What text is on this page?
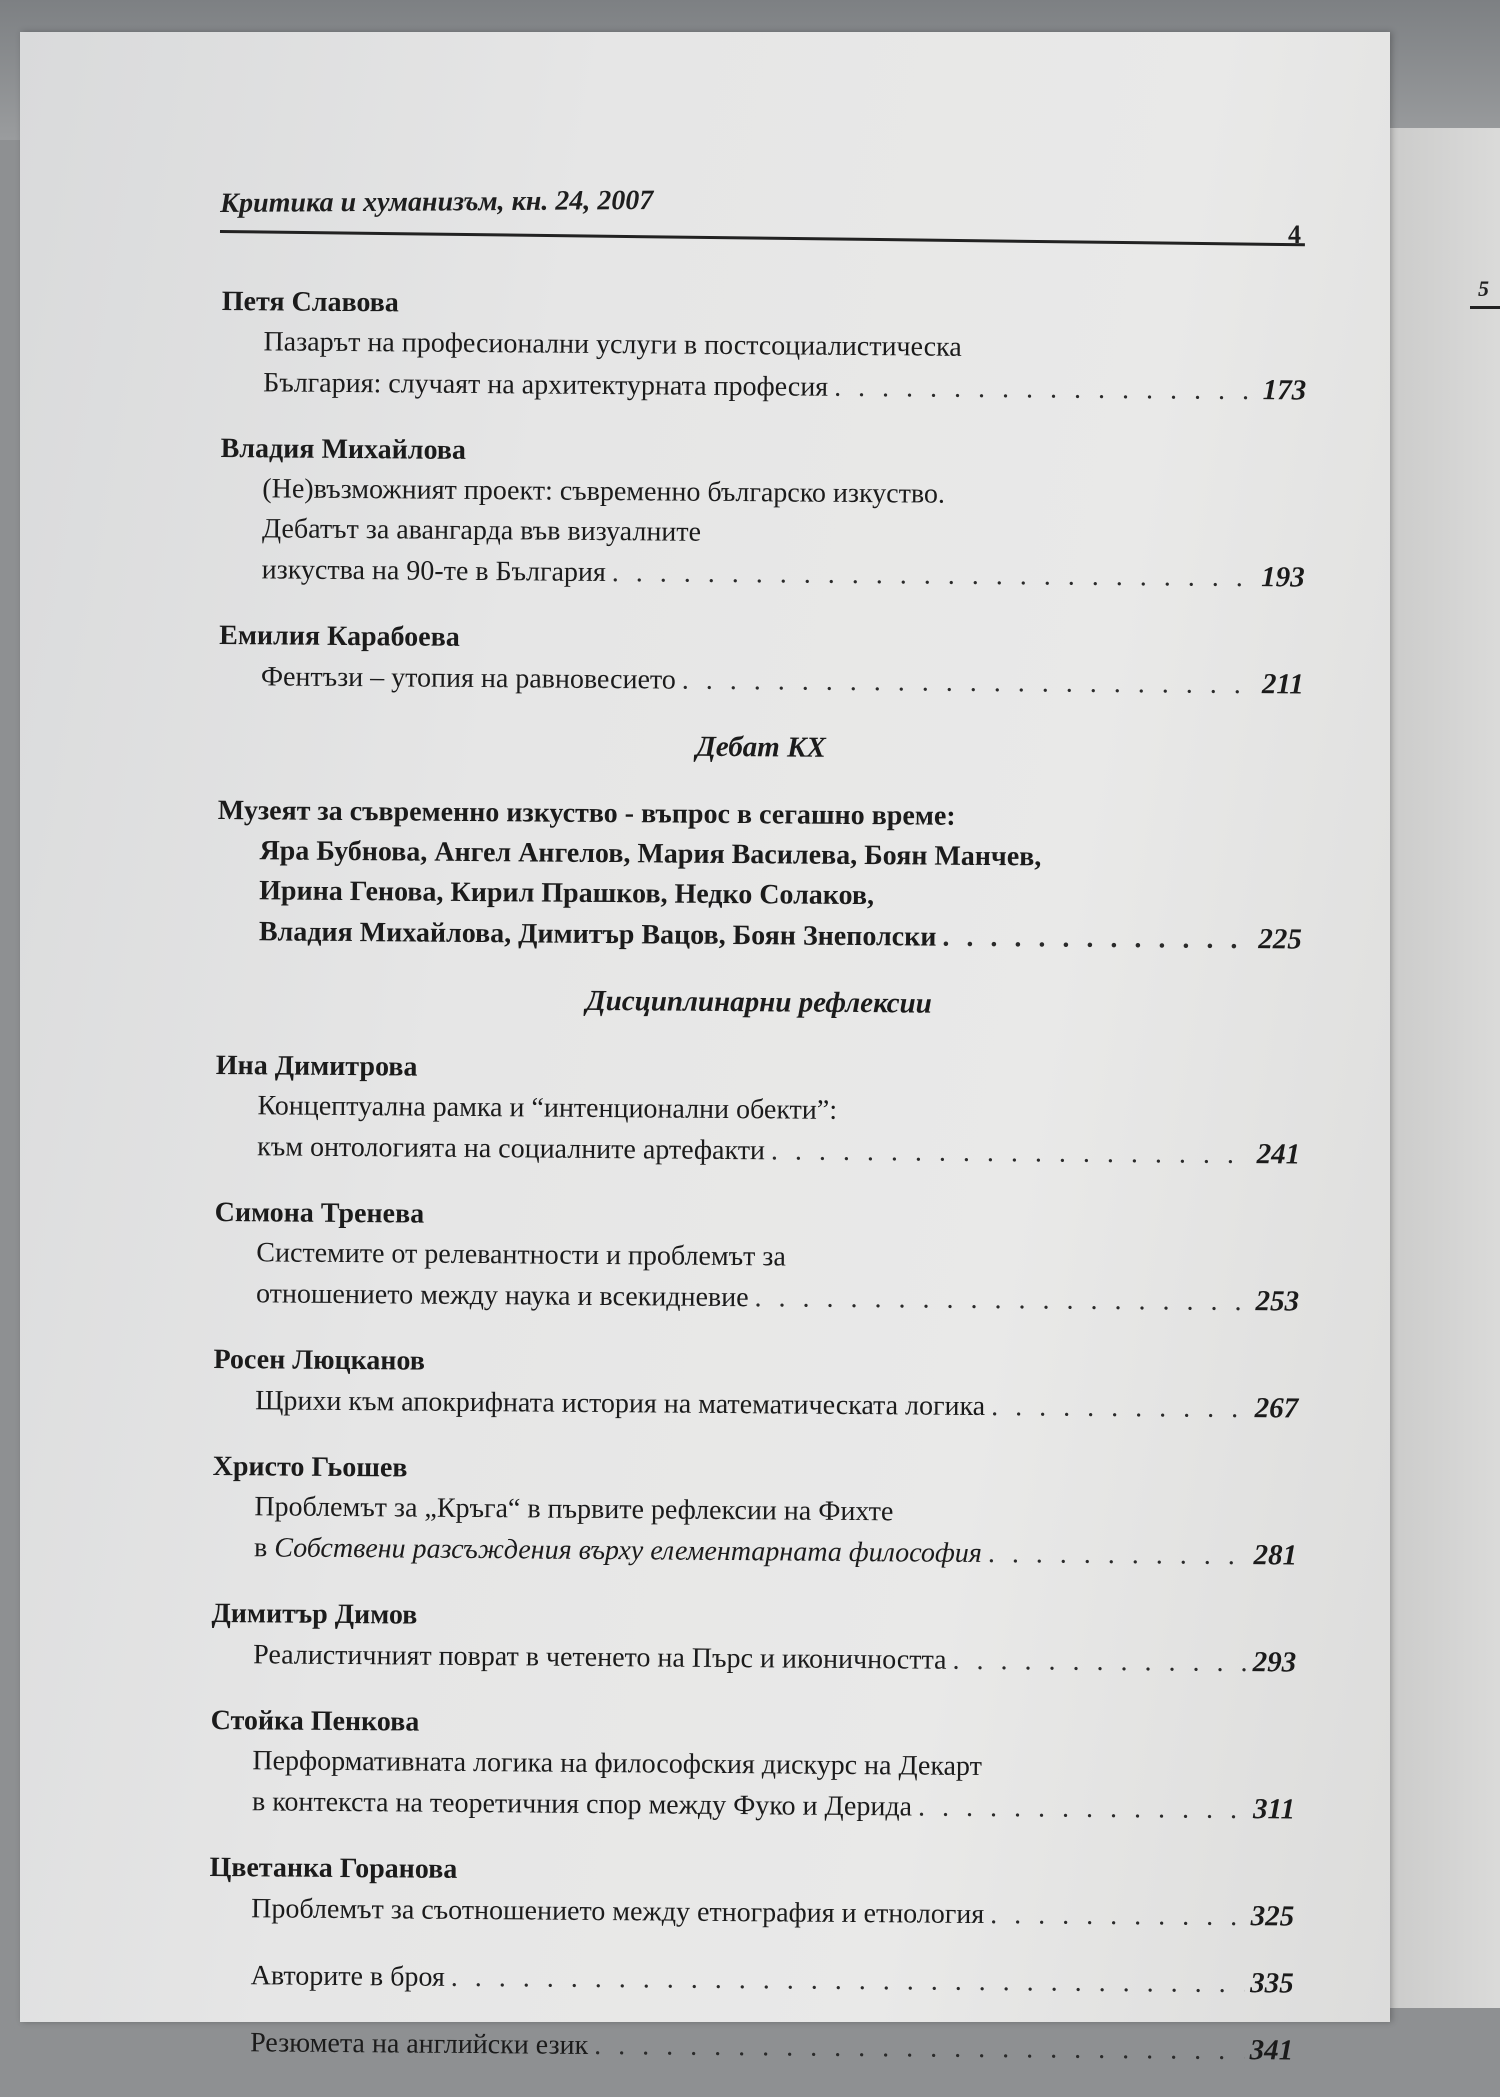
5
Критика и хуманизъм, кн. 24, 2007
4
Петя Славова
Пазарът на професионални услуги в постсоциалистическа
България: случаят на архитектурната професия . . .	173
Владия Михайлова
(Не)възможният проект: съвременно българско изкуство.
Дебатът за авангарда във визуалните
изкуства на 90-те в България . . .	193
Емилия Карабоева
Фентъзи – утопия на равновесието . . .	211
Дебат KX
Музеят за съвременно изкуство - въпрос в сегашно време:
Яра Бубнова, Ангел Ангелов, Мария Василева, Боян Манчев,
Ирина Генова, Кирил Прашков, Недко Солаков,
Владия Михайлова, Димитър Вацов, Боян Знеполски . . .	225
Дисциплинарни рефлексии
Ина Димитрова
Концептуална рамка и “интенционални обекти”:
към онтологията на социалните артефакти . . .	241
Симона Тренева
Системите от релевантности и проблемът за
отношението между наука и всекидневие . . .	253
Росен Люцканов
Щрихи към апокрифната история на математическата логика . . .	267
Христо Гьошев
Проблемът за „Кръга“ в първите рефлексии на Фихте
в Собствени разсъждения върху елементарната философия . . .	281
Димитър Димов
Реалистичният поврат в четенето на Пърс и иконичността . . .	293
Стойка Пенкова
Перформативната логика на философския дискурс на Декарт
в контекста на теоретичния спор между Фуко и Дерида . . .	311
Цветанка Горанова
Проблемът за съотношението между етнография и етнология . . .	325
Авторите в броя . . .	335
Резюмета на английски език . . .	341
